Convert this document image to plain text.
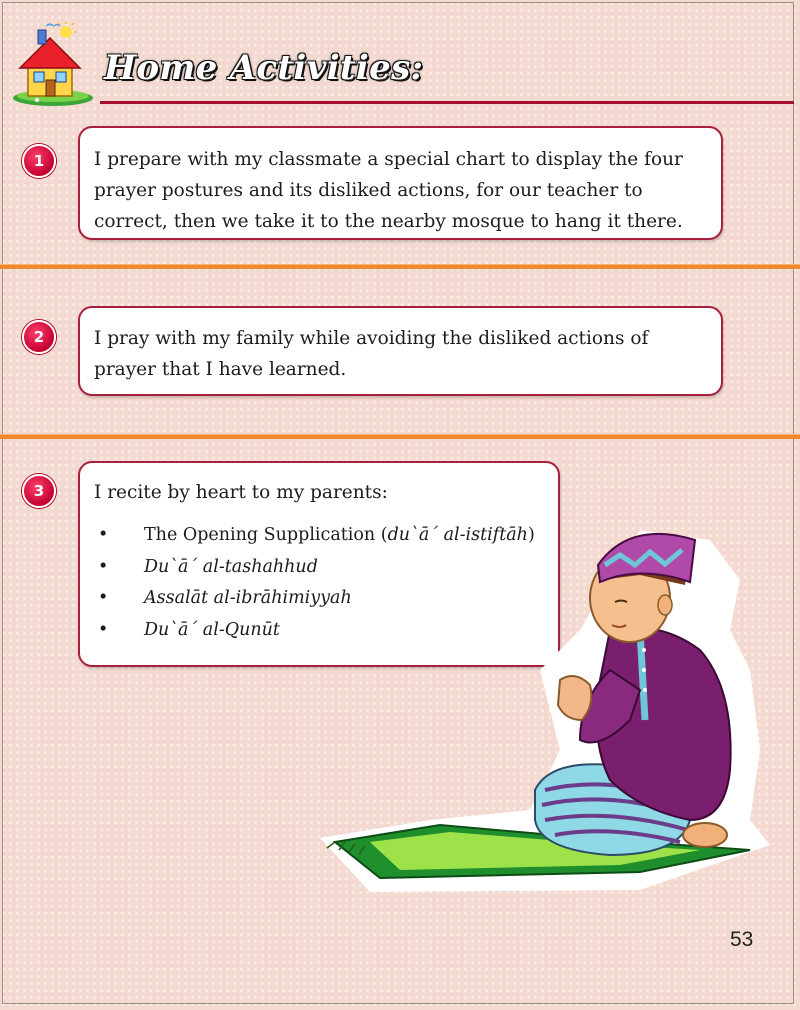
Home Activities:
1	I prepare with my classmate a special chart to display the four prayer postures and its disliked actions, for our teacher to correct, then we take it to the nearby mosque to hang it there.

2	I pray with my family while avoiding the disliked actions of prayer that I have learned.

3	I recite by heart to my parents:

• The Opening Supplication (du`ā´ al-istiftāh)
• Du`ā´ al-tashahhud
• Assalāt al-ibrāhimiyyah
• Du`ā´ al-Qunūt
53
